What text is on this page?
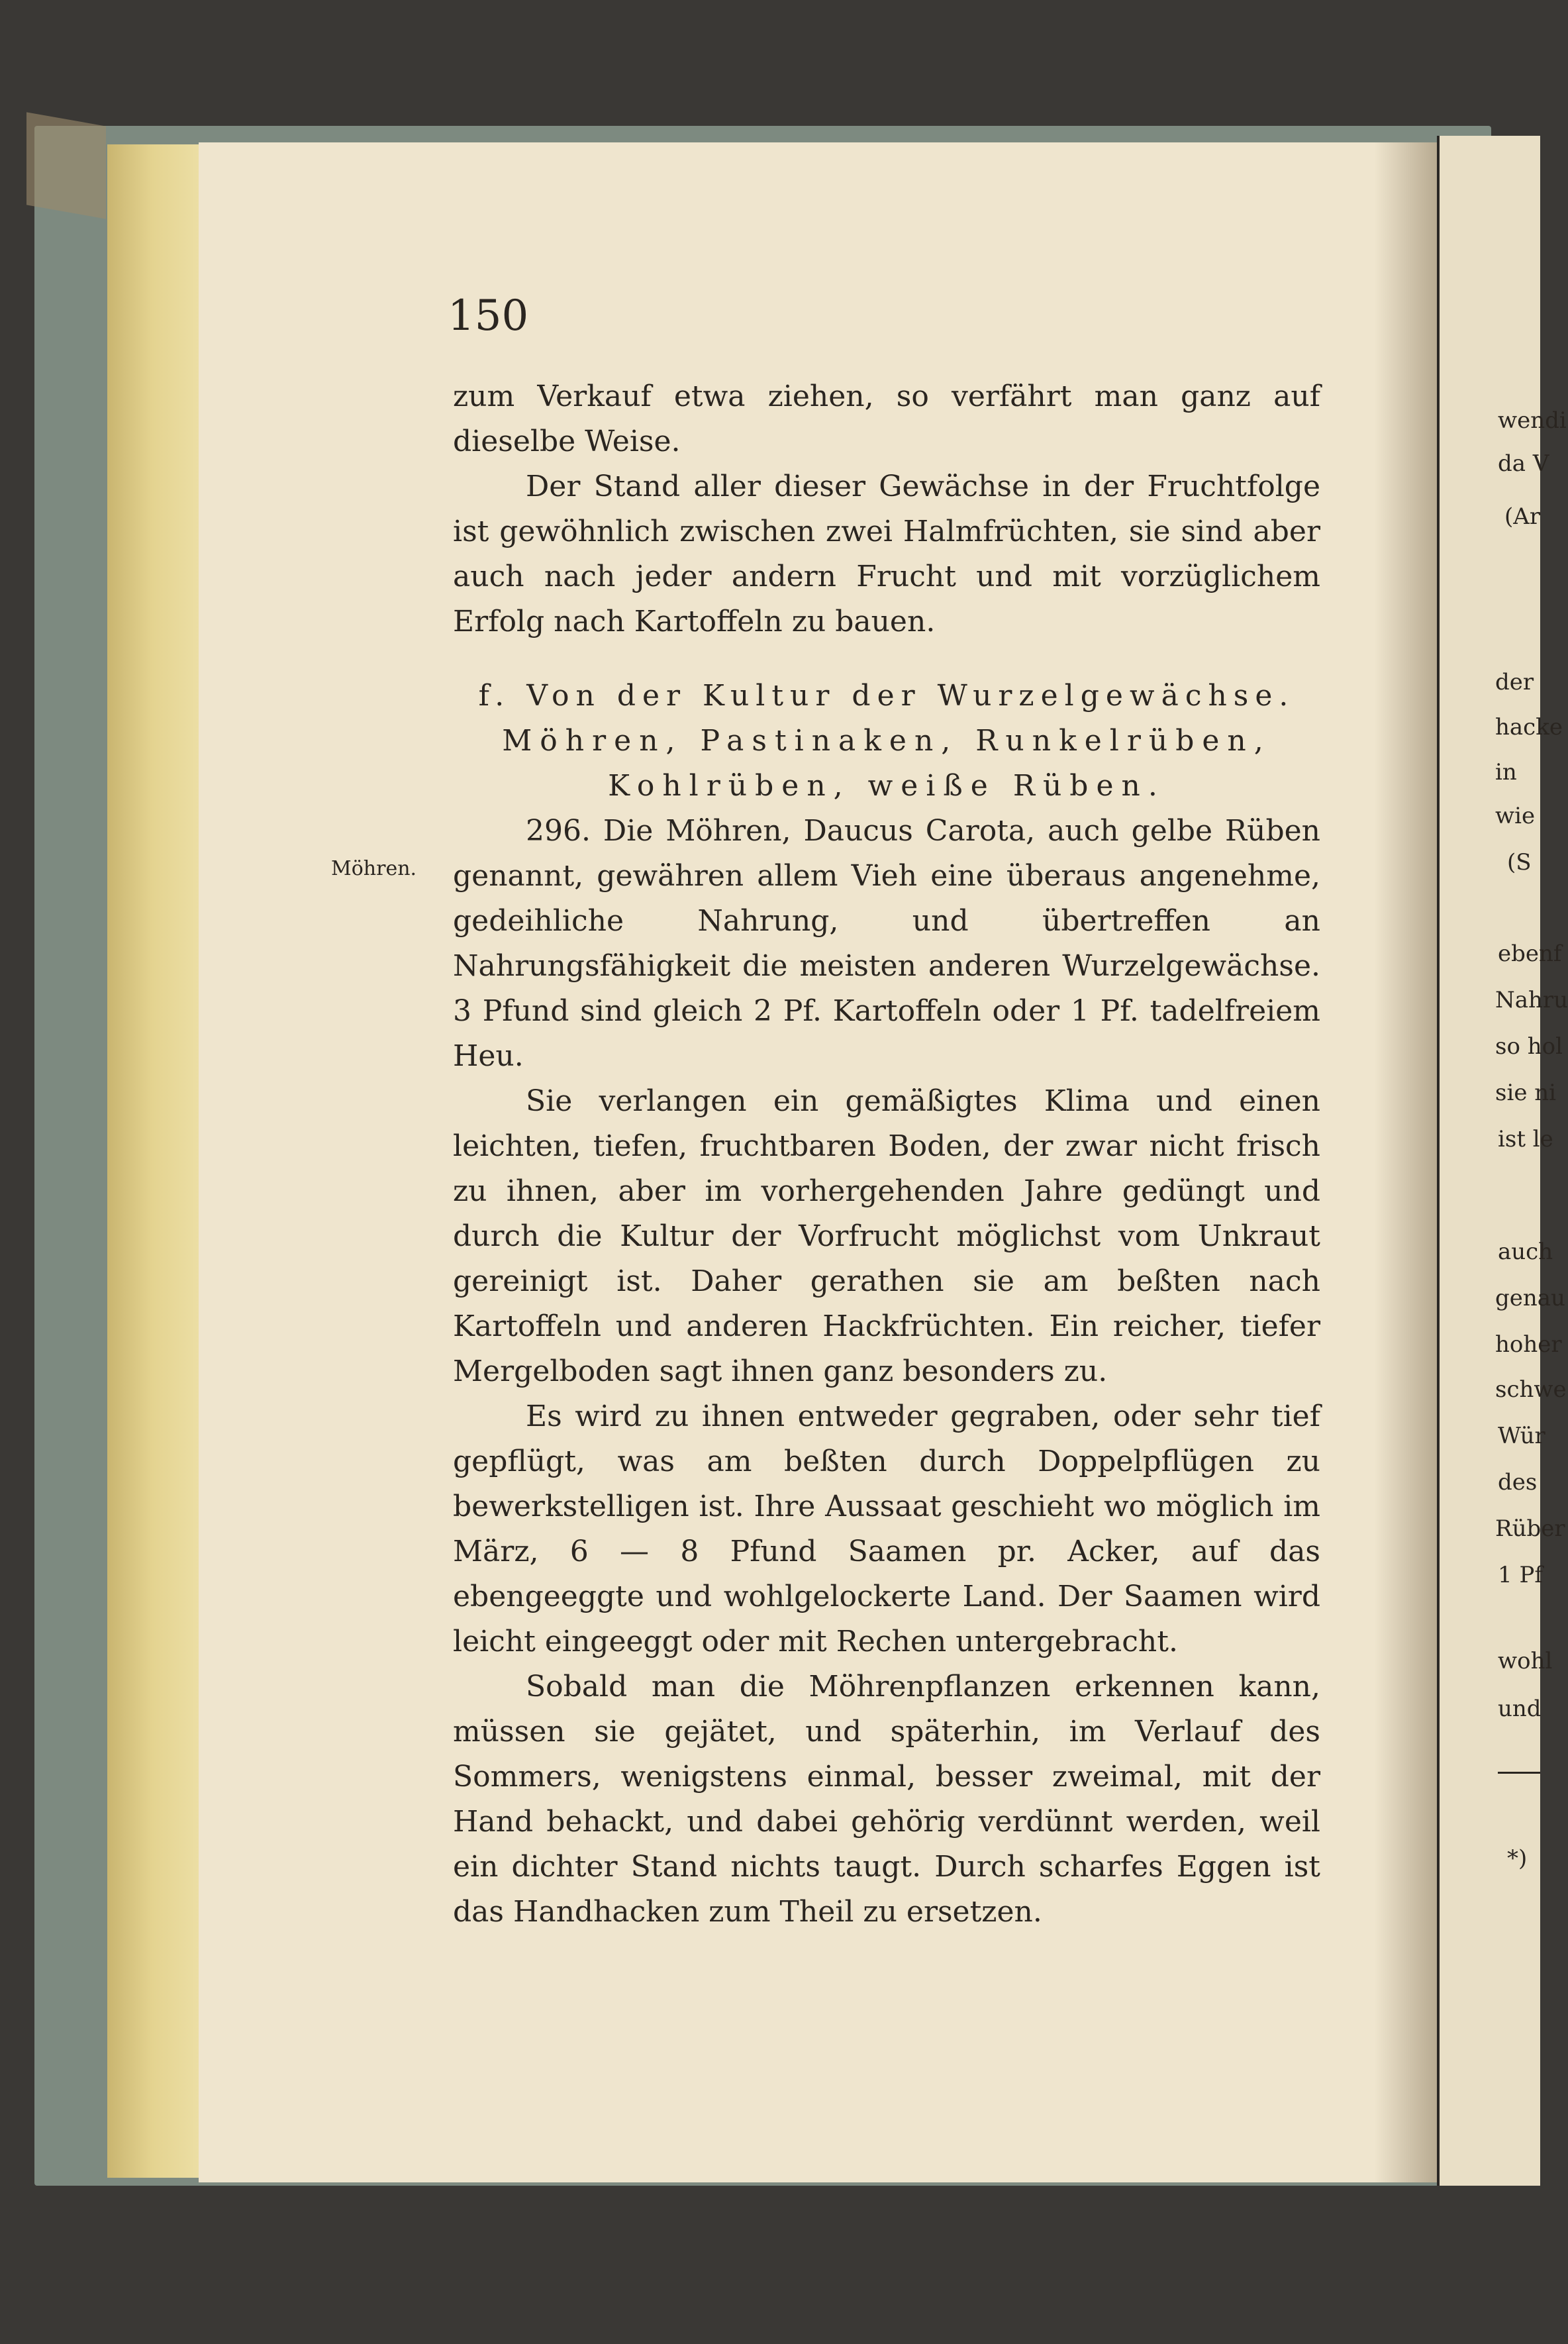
150
Möhren.

zum Verkauf etwa ziehen, so verfährt man ganz auf dieselbe Weise.

Der Stand aller dieser Gewächse in der Fruchtfolge ist gewöhnlich zwischen zwei Halmfrüchten, sie sind aber auch nach jeder andern Frucht und mit vorzüglichem Erfolg nach Kartoffeln zu bauen.

f. Von der Kultur der Wurzelgewächse.

Möhren, Pastinaken, Runkelrüben, Kohlrüben, weiße Rüben.

296. Die Möhren, Daucus Carota, auch gelbe Rüben genannt, gewähren allem Vieh eine überaus angenehme, gedeihliche Nahrung, und übertreffen an Nahrungsfähigkeit die meisten anderen Wurzelgewächse. 3 Pfund sind gleich 2 Pf. Kartoffeln oder 1 Pf. tadelfreiem Heu.

Sie verlangen ein gemäßigtes Klima und einen leichten, tiefen, fruchtbaren Boden, der zwar nicht frisch zu ihnen, aber im vorhergehenden Jahre gedüngt und durch die Kultur der Vorfrucht möglichst vom Unkraut gereinigt ist. Daher gerathen sie am beßten nach Kartoffeln und anderen Hackfrüchten. Ein reicher, tiefer Mergelboden sagt ihnen ganz besonders zu.

Es wird zu ihnen entweder gegraben, oder sehr tief gepflügt, was am beßten durch Doppelpflügen zu bewerkstelligen ist. Ihre Aussaat geschieht wo möglich im März, 6 — 8 Pfund Saamen pr. Acker, auf das ebengeeggte und wohlgelockerte Land. Der Saamen wird leicht eingeeggt oder mit Rechen untergebracht.

Sobald man die Möhrenpflanzen erkennen kann, müssen sie gejätet, und späterhin, im Verlauf des Sommers, wenigstens einmal, besser zweimal, mit der Hand behackt, und dabei gehörig verdünnt werden, weil ein dichter Stand nichts taugt. Durch scharfes Eggen ist das Handhacken zum Theil zu ersetzen.

wendi
da V
(Ar
der
hacke
in
wie
(S
ebenf
Nahru
so hol
sie ni
ist le
auch
genau
hoher
schwe
Wür
des
Rüber
1 Pf
wohl
und
*)
